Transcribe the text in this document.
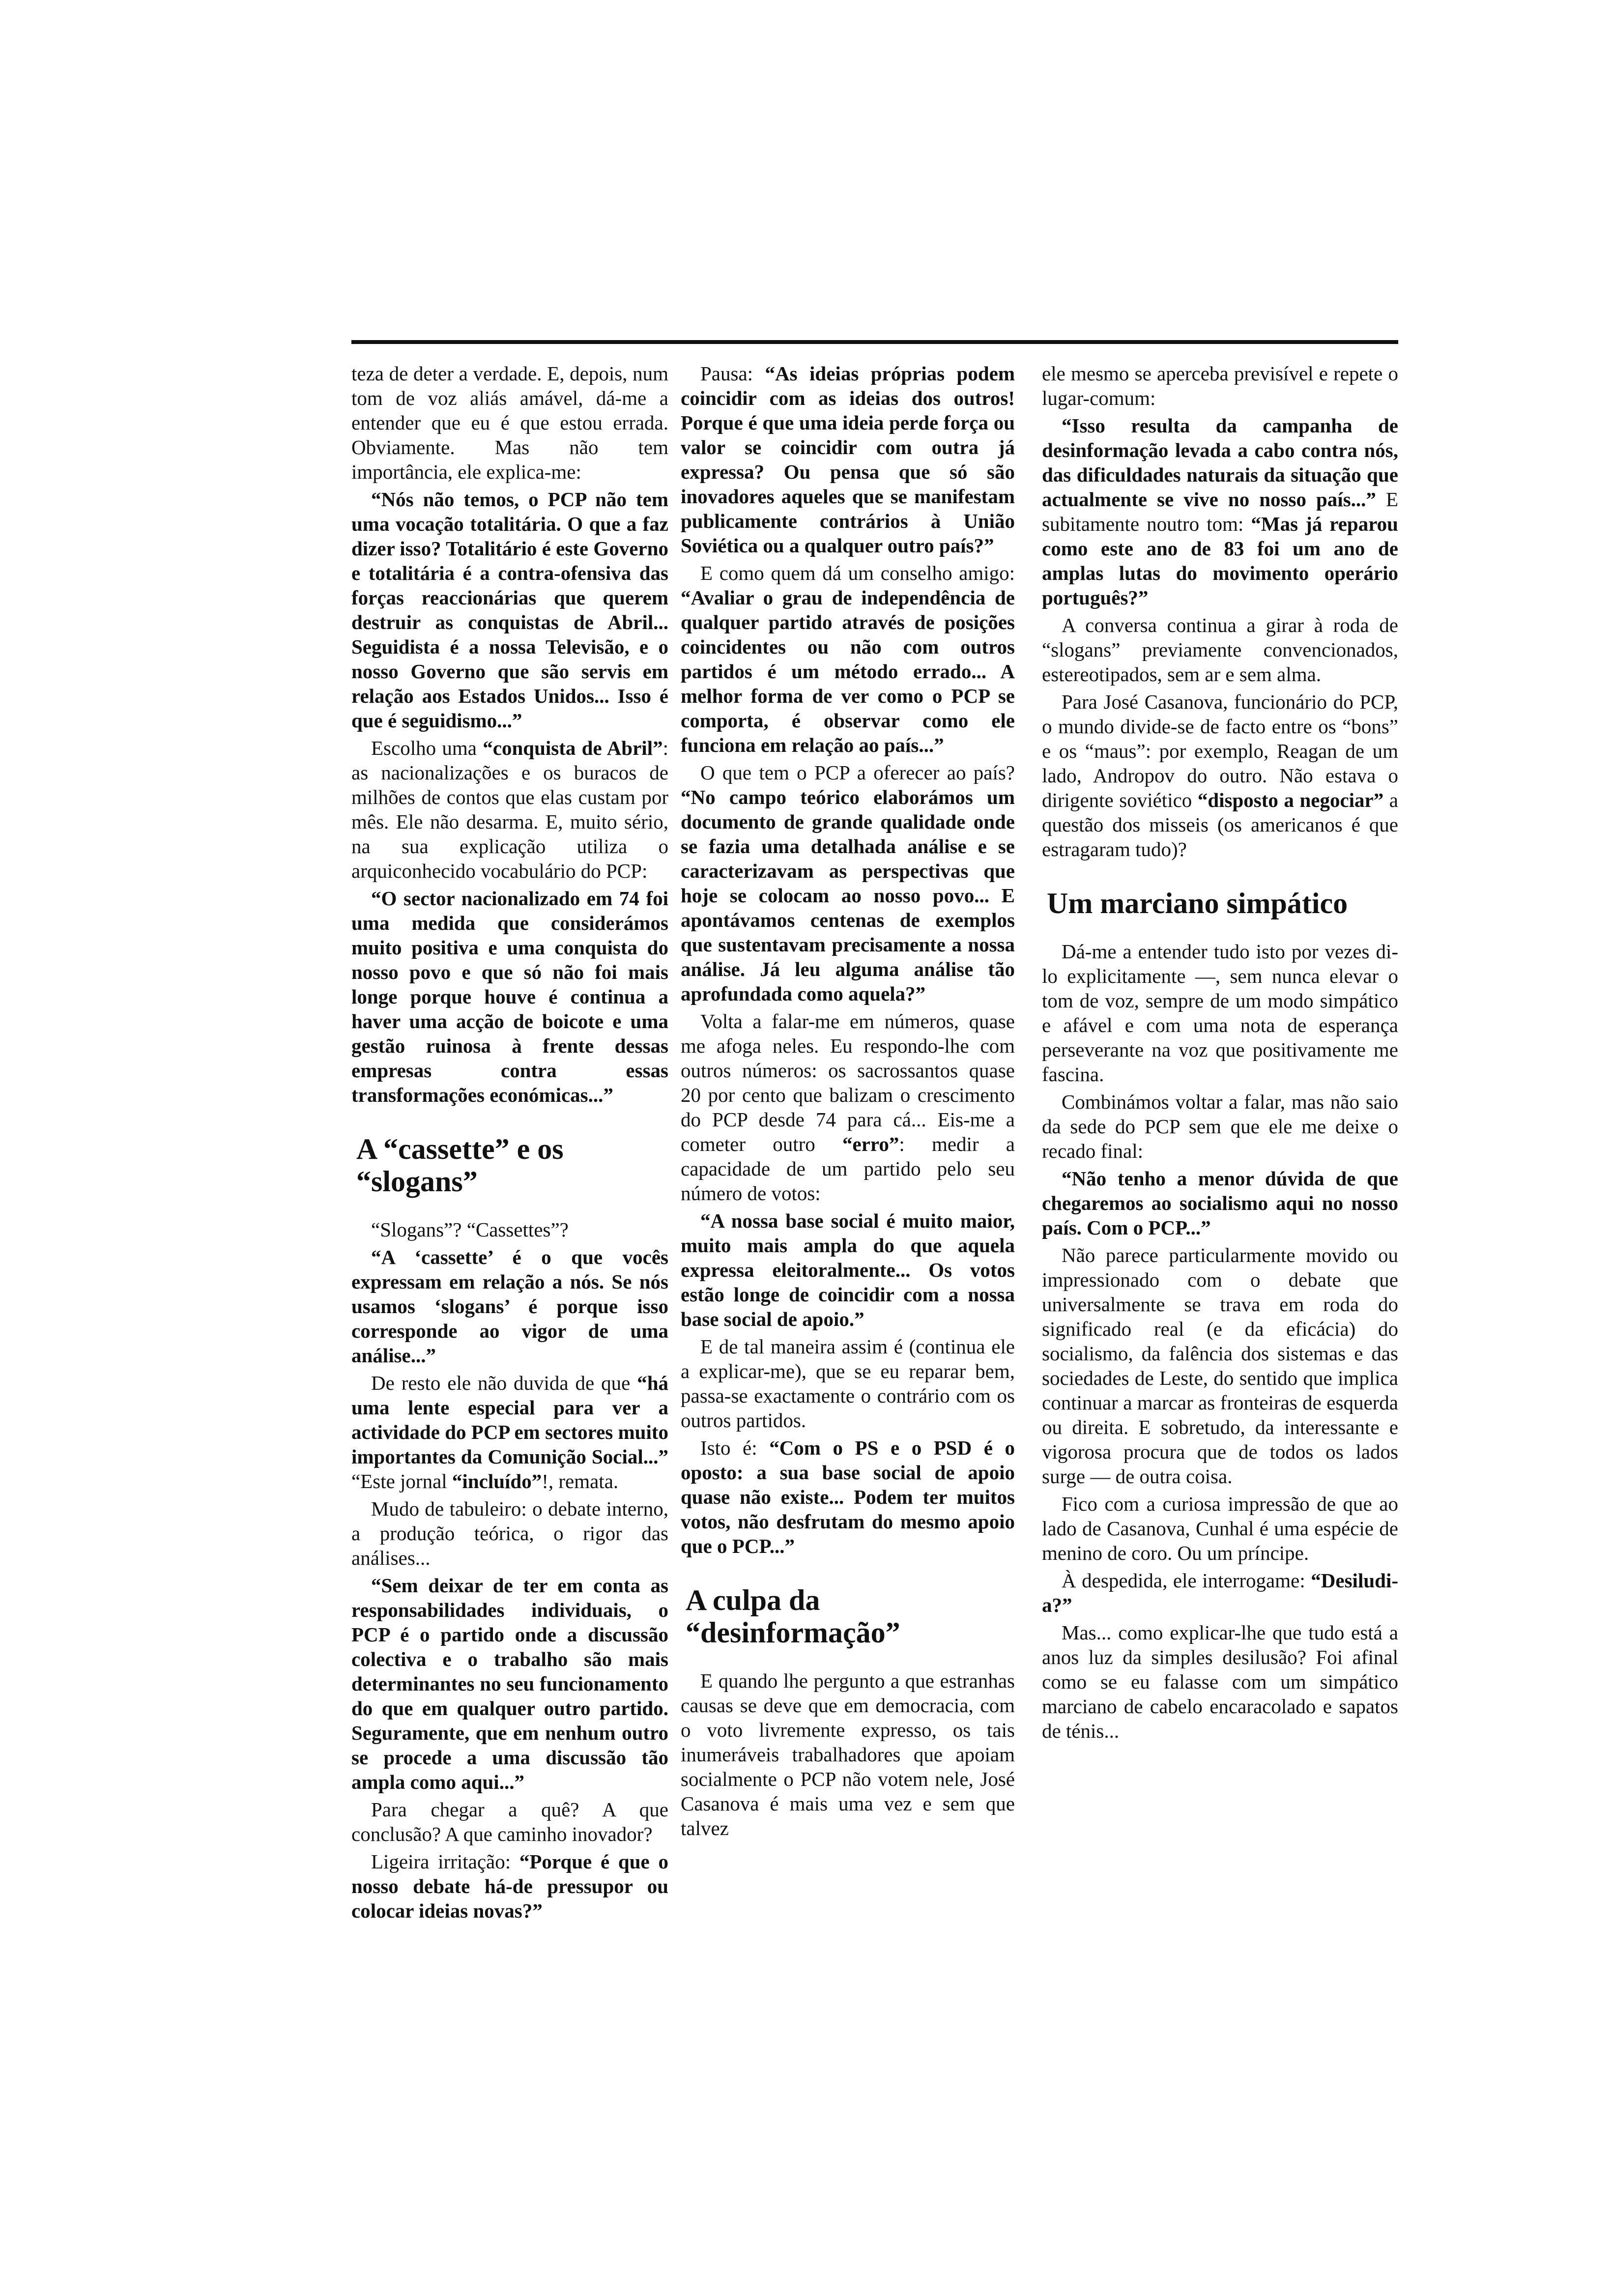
teza de deter a verdade. E, depois, num tom de voz aliás amável, dá-me a entender que eu é que estou errada. Obviamente. Mas não tem importância, ele explica-me:

“Nós não temos, o PCP não tem uma vocação totalitária. O que a faz dizer isso? Totalitário é este Governo e totalitária é a contra-ofensiva das forças reaccionárias que querem destruir as conquistas de Abril... Seguidista é a nossa Televisão, e o nosso Governo que são servis em relação aos Estados Unidos... Isso é que é seguidismo...”

Escolho uma “conquista de Abril”: as nacionalizações e os buracos de milhões de contos que elas custam por mês. Ele não desarma. E, muito sério, na sua explicação utiliza o arquiconhecido vocabulário do PCP:

“O sector nacionalizado em 74 foi uma medida que considerámos muito positiva e uma conquista do nosso povo e que só não foi mais longe porque houve é continua a haver uma acção de boicote e uma gestão ruinosa à frente dessas empresas contra essas transformações económicas...”

A “cassette” e os “slogans”

“Slogans”? “Cassettes”?

“A ‘cassette’ é o que vocês expressam em relação a nós. Se nós usamos ‘slogans’ é porque isso corresponde ao vigor de uma análise...”

De resto ele não duvida de que “há uma lente especial para ver a actividade do PCP em sectores muito importantes da Comunição Social...” “Este jornal “incluído”!, remata.

Mudo de tabuleiro: o debate interno, a produção teórica, o rigor das análises...

“Sem deixar de ter em conta as responsabilidades individuais, o PCP é o partido onde a discussão colectiva e o trabalho são mais determinantes no seu funcionamento do que em qualquer outro partido. Seguramente, que em nenhum outro se procede a uma discussão tão ampla como aqui...”

Para chegar a quê? A que conclusão? A que caminho inovador?

Ligeira irritação: “Porque é que o nosso debate há-de pressupor ou colocar ideias novas?”

Pausa: “As ideias próprias podem coincidir com as ideias dos outros! Porque é que uma ideia perde força ou valor se coincidir com outra já expressa? Ou pensa que só são inovadores aqueles que se manifestam publicamente contrários à União Soviética ou a qualquer outro país?”

E como quem dá um conselho amigo: “Avaliar o grau de independência de qualquer partido através de posições coincidentes ou não com outros partidos é um método errado... A melhor forma de ver como o PCP se comporta, é observar como ele funciona em relação ao país...”

O que tem o PCP a oferecer ao país? “No campo teórico elaborámos um documento de grande qualidade onde se fazia uma detalhada análise e se caracterizavam as perspectivas que hoje se colocam ao nosso povo... E apontávamos centenas de exemplos que sustentavam precisamente a nossa análise. Já leu alguma análise tão aprofundada como aquela?”

Volta a falar-me em números, quase me afoga neles. Eu respondo-lhe com outros números: os sacrossantos quase 20 por cento que balizam o crescimento do PCP desde 74 para cá... Eis-me a cometer outro “erro”: medir a capacidade de um partido pelo seu número de votos:

“A nossa base social é muito maior, muito mais ampla do que aquela expressa eleitoralmente... Os votos estão longe de coincidir com a nossa base social de apoio.”

E de tal maneira assim é (continua ele a explicar-me), que se eu reparar bem, passa-se exactamente o contrário com os outros partidos.

Isto é: “Com o PS e o PSD é o oposto: a sua base social de apoio quase não existe... Podem ter muitos votos, não desfrutam do mesmo apoio que o PCP...”

A culpa da “desinformação”

E quando lhe pergunto a que estranhas causas se deve que em democracia, com o voto livremente expresso, os tais inumeráveis trabalhadores que apoiam socialmente o PCP não votem nele, José Casanova é mais uma vez e sem que talvez

ele mesmo se aperceba previsível e repete o lugar-comum:

“Isso resulta da campanha de desinformação levada a cabo contra nós, das dificuldades naturais da situação que actualmente se vive no nosso país...” E subitamente noutro tom: “Mas já reparou como este ano de 83 foi um ano de amplas lutas do movimento operário português?”

A conversa continua a girar à roda de “slogans” previamente convencionados, estereotipados, sem ar e sem alma.

Para José Casanova, funcionário do PCP, o mundo divide-se de facto entre os “bons” e os “maus”: por exemplo, Reagan de um lado, Andropov do outro. Não estava o dirigente soviético “disposto a negociar” a questão dos misseis (os americanos é que estragaram tudo)?

Um marciano simpático

Dá-me a entender tudo isto por vezes di-lo explicitamente —, sem nunca elevar o tom de voz, sempre de um modo simpático e afável e com uma nota de esperança perseverante na voz que positivamente me fascina.

Combinámos voltar a falar, mas não saio da sede do PCP sem que ele me deixe o recado final:

“Não tenho a menor dúvida de que chegaremos ao socialismo aqui no nosso país. Com o PCP...”

Não parece particularmente movido ou impressionado com o debate que universalmente se trava em roda do significado real (e da eficácia) do socialismo, da falência dos sistemas e das sociedades de Leste, do sentido que implica continuar a marcar as fronteiras de esquerda ou direita. E sobretudo, da interessante e vigorosa procura que de todos os lados surge — de outra coisa.

Fico com a curiosa impressão de que ao lado de Casanova, Cunhal é uma espécie de menino de coro. Ou um príncipe.

À despedida, ele interrogame: “Desiludi-a?”

Mas... como explicar-lhe que tudo está a anos luz da simples desilusão? Foi afinal como se eu falasse com um simpático marciano de cabelo encaracolado e sapatos de ténis...
